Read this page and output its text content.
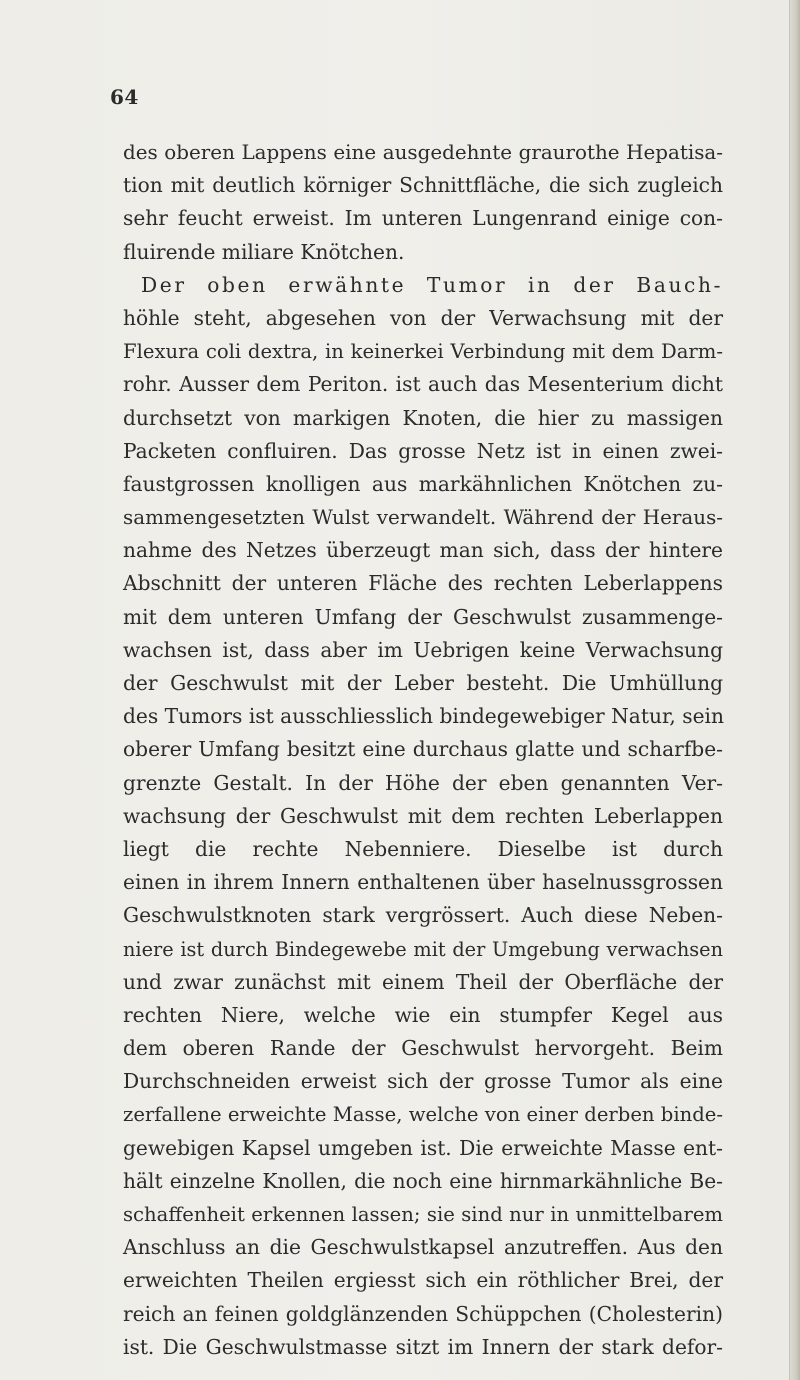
64
des oberen Lappens eine ausgedehnte graurothe Hepatisa-
tion mit deutlich körniger Schnittfläche, die sich zugleich
sehr feucht erweist. Im unteren Lungenrand einige con-
fluirende miliare Knötchen.
Der oben erwähnte Tumor in der Bauch-
höhle steht, abgesehen von der Verwachsung mit der
Flexura coli dextra, in keinerkei Verbindung mit dem Darm-
rohr. Ausser dem Periton. ist auch das Mesenterium dicht
durchsetzt von markigen Knoten, die hier zu massigen
Packeten confluiren. Das grosse Netz ist in einen zwei-
faustgrossen knolligen aus markähnlichen Knötchen zu-
sammengesetzten Wulst verwandelt. Während der Heraus-
nahme des Netzes überzeugt man sich, dass der hintere
Abschnitt der unteren Fläche des rechten Leberlappens
mit dem unteren Umfang der Geschwulst zusammenge-
wachsen ist, dass aber im Uebrigen keine Verwachsung
der Geschwulst mit der Leber besteht. Die Umhüllung
des Tumors ist ausschliesslich bindegewebiger Natur, sein
oberer Umfang besitzt eine durchaus glatte und scharfbe-
grenzte Gestalt. In der Höhe der eben genannten Ver-
wachsung der Geschwulst mit dem rechten Leberlappen
liegt die rechte Nebenniere. Dieselbe ist durch
einen in ihrem Innern enthaltenen über haselnussgrossen
Geschwulstknoten stark vergrössert. Auch diese Neben-
niere ist durch Bindegewebe mit der Umgebung verwachsen
und zwar zunächst mit einem Theil der Oberfläche der
rechten Niere, welche wie ein stumpfer Kegel aus
dem oberen Rande der Geschwulst hervorgeht. Beim
Durchschneiden erweist sich der grosse Tumor als eine
zerfallene erweichte Masse, welche von einer derben binde-
gewebigen Kapsel umgeben ist. Die erweichte Masse ent-
hält einzelne Knollen, die noch eine hirnmarkähnliche Be-
schaffenheit erkennen lassen; sie sind nur in unmittelbarem
Anschluss an die Geschwulstkapsel anzutreffen. Aus den
erweichten Theilen ergiesst sich ein röthlicher Brei, der
reich an feinen goldglänzenden Schüppchen (Cholesterin)
ist. Die Geschwulstmasse sitzt im Innern der stark defor-
